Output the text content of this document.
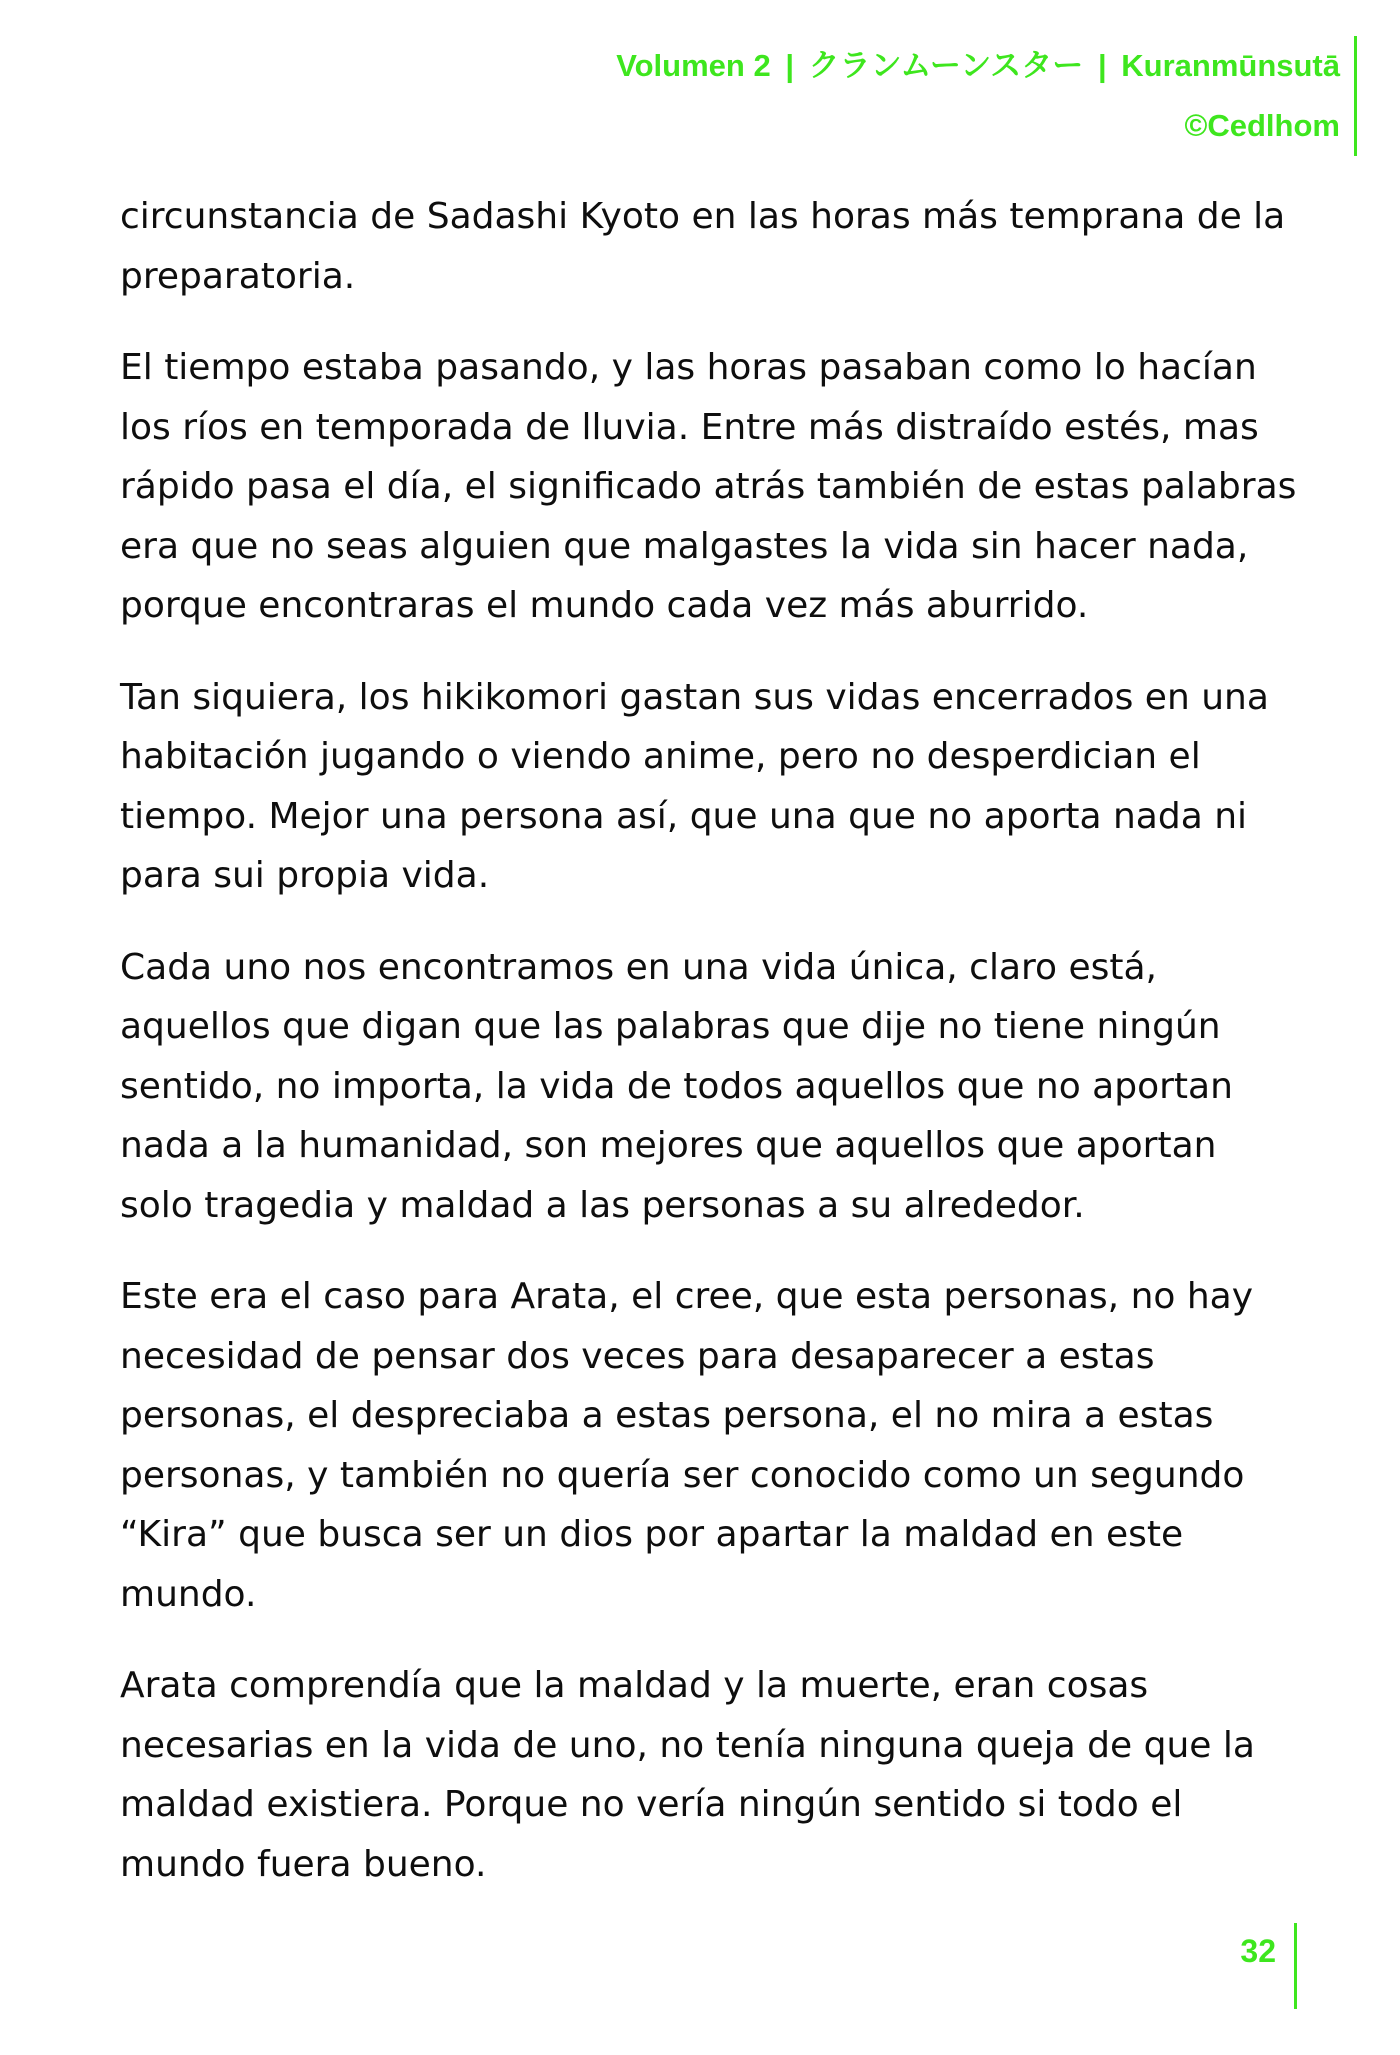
Volumen 2 | クランムーンスター | Kuranmūnsutā
©Cedlhom

circunstancia de Sadashi Kyoto en las horas más temprana de la preparatoria.

El tiempo estaba pasando, y las horas pasaban como lo hacían los ríos en temporada de lluvia. Entre más distraído estés, mas rápido pasa el día, el significado atrás también de estas palabras era que no seas alguien que malgastes la vida sin hacer nada, porque encontraras el mundo cada vez más aburrido.

Tan siquiera, los hikikomori gastan sus vidas encerrados en una habitación jugando o viendo anime, pero no desperdician el tiempo. Mejor una persona así, que una que no aporta nada ni para sui propia vida.

Cada uno nos encontramos en una vida única, claro está, aquellos que digan que las palabras que dije no tiene ningún sentido, no importa, la vida de todos aquellos que no aportan nada a la humanidad, son mejores que aquellos que aportan solo tragedia y maldad a las personas a su alrededor.

Este era el caso para Arata, el cree, que esta personas, no hay necesidad de pensar dos veces para desaparecer a estas personas, el despreciaba a estas persona, el no mira a estas personas, y también no quería ser conocido como un segundo “Kira” que busca ser un dios por apartar la maldad en este mundo.

Arata comprendía que la maldad y la muerte, eran cosas necesarias en la vida de uno, no tenía ninguna queja de que la maldad existiera. Porque no vería ningún sentido si todo el mundo fuera bueno.

32
